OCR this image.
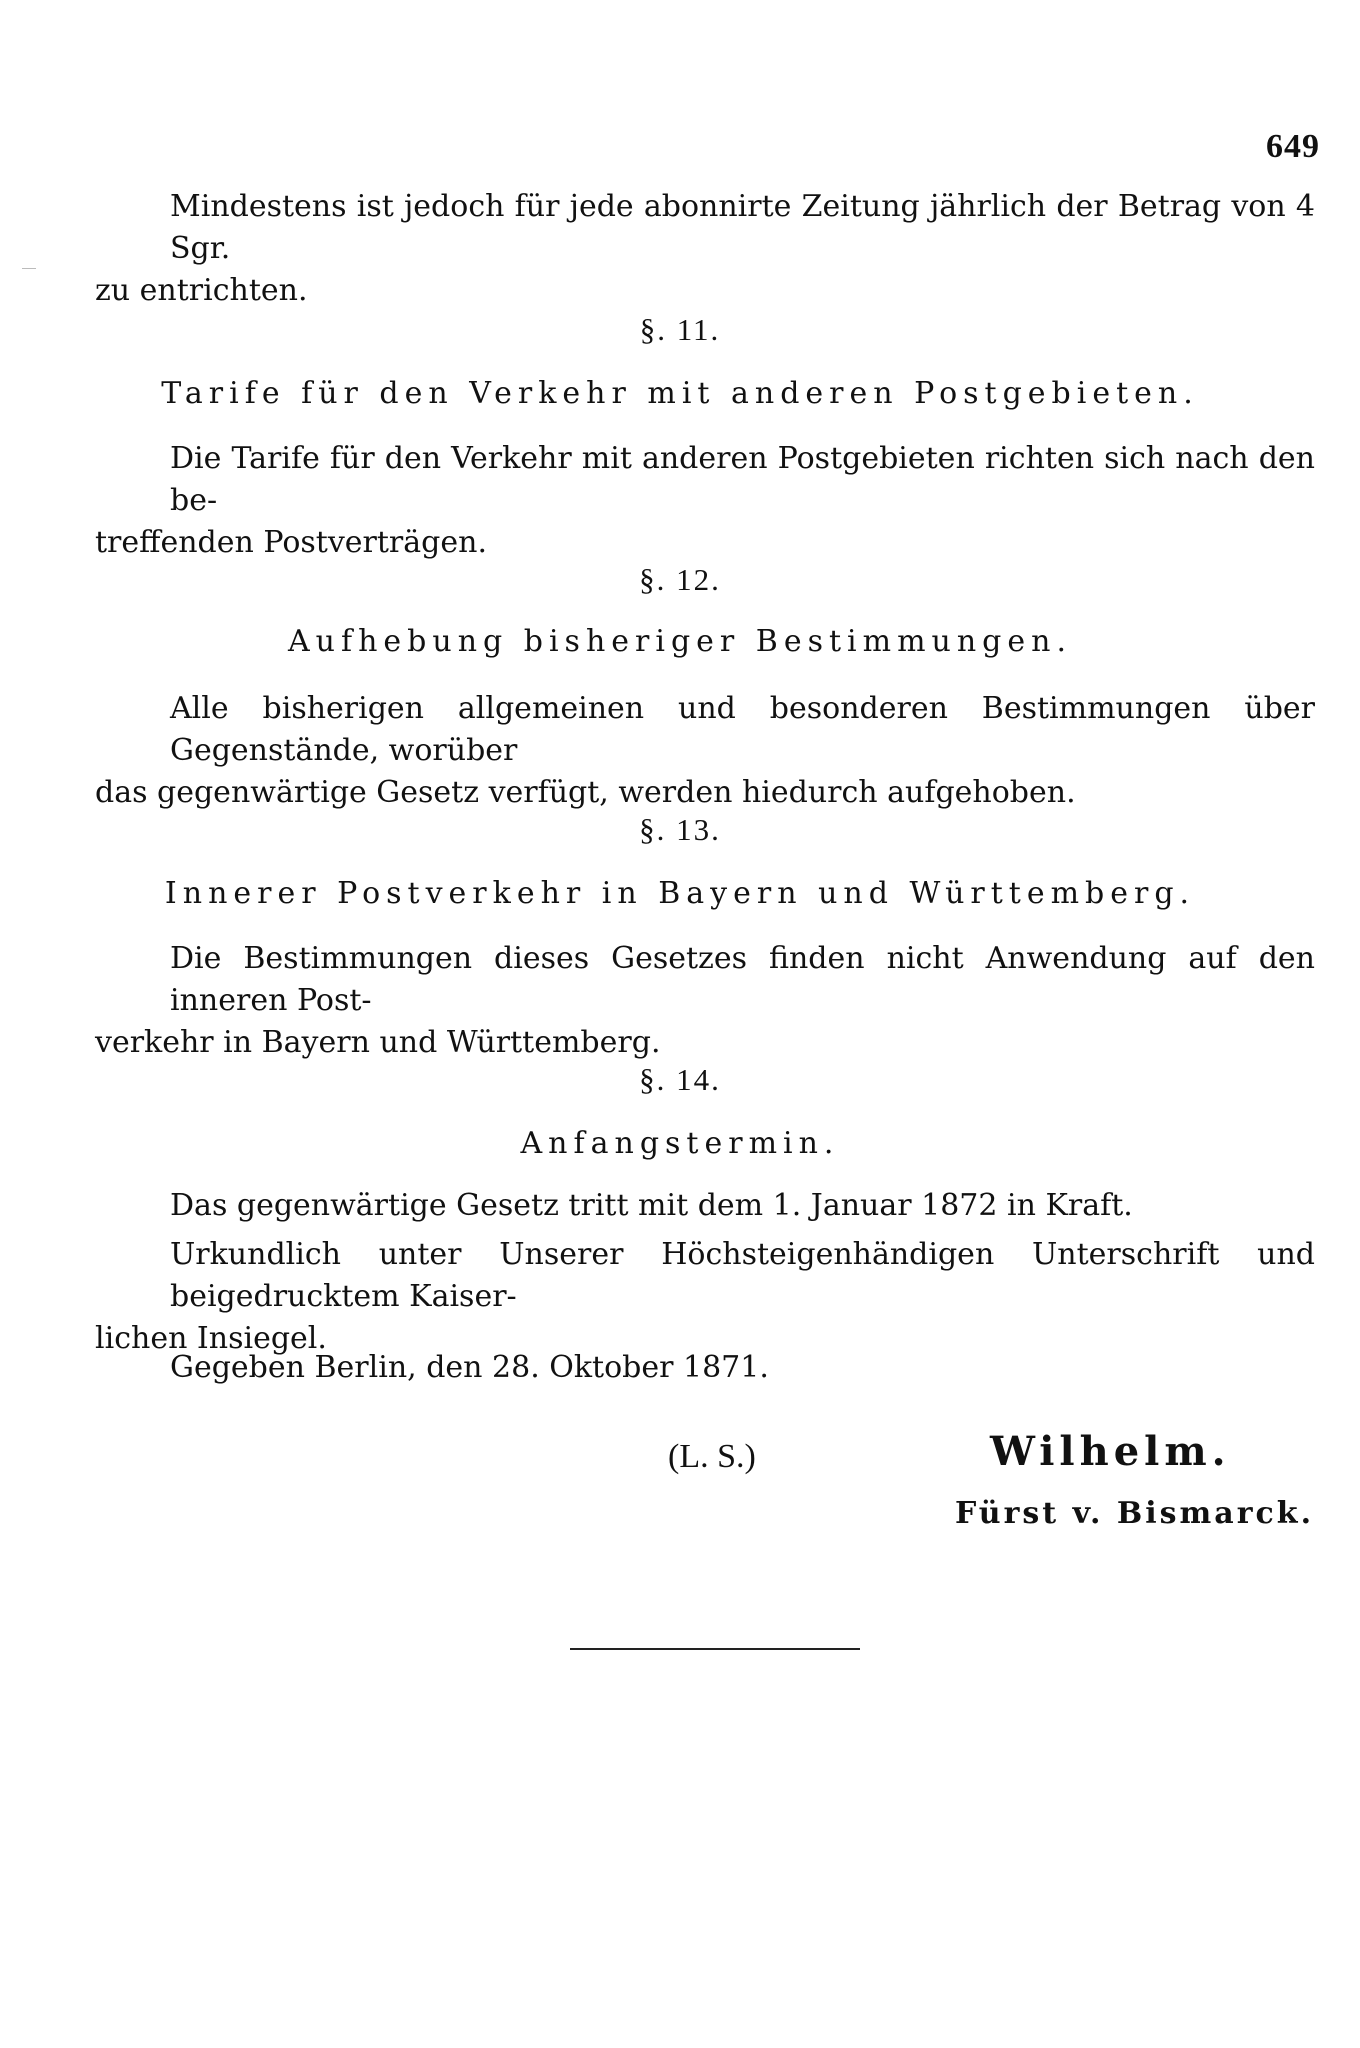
649

Mindestens ist jedoch für jede abonnirte Zeitung jährlich der Betrag von 4 Sgr.
zu entrichten.

§. 11.
Tarife für den Verkehr mit anderen Postgebieten.

Die Tarife für den Verkehr mit anderen Postgebieten richten sich nach den be-
treffenden Postverträgen.

§. 12.
Aufhebung bisheriger Bestimmungen.

Alle bisherigen allgemeinen und besonderen Bestimmungen über Gegenstände, worüber
das gegenwärtige Gesetz verfügt, werden hiedurch aufgehoben.

§. 13.
Innerer Postverkehr in Bayern und Württemberg.

Die Bestimmungen dieses Gesetzes finden nicht Anwendung auf den inneren Post-
verkehr in Bayern und Württemberg.

§. 14.
Anfangstermin.
Das gegenwärtige Gesetz tritt mit dem 1. Januar 1872 in Kraft.

Urkundlich unter Unserer Höchsteigenhändigen Unterschrift und beigedrucktem Kaiser-
lichen Insiegel.

Gegeben Berlin, den 28. Oktober 1871.
(L. S.)	Wilhelm.
Fürst v. Bismarck.
